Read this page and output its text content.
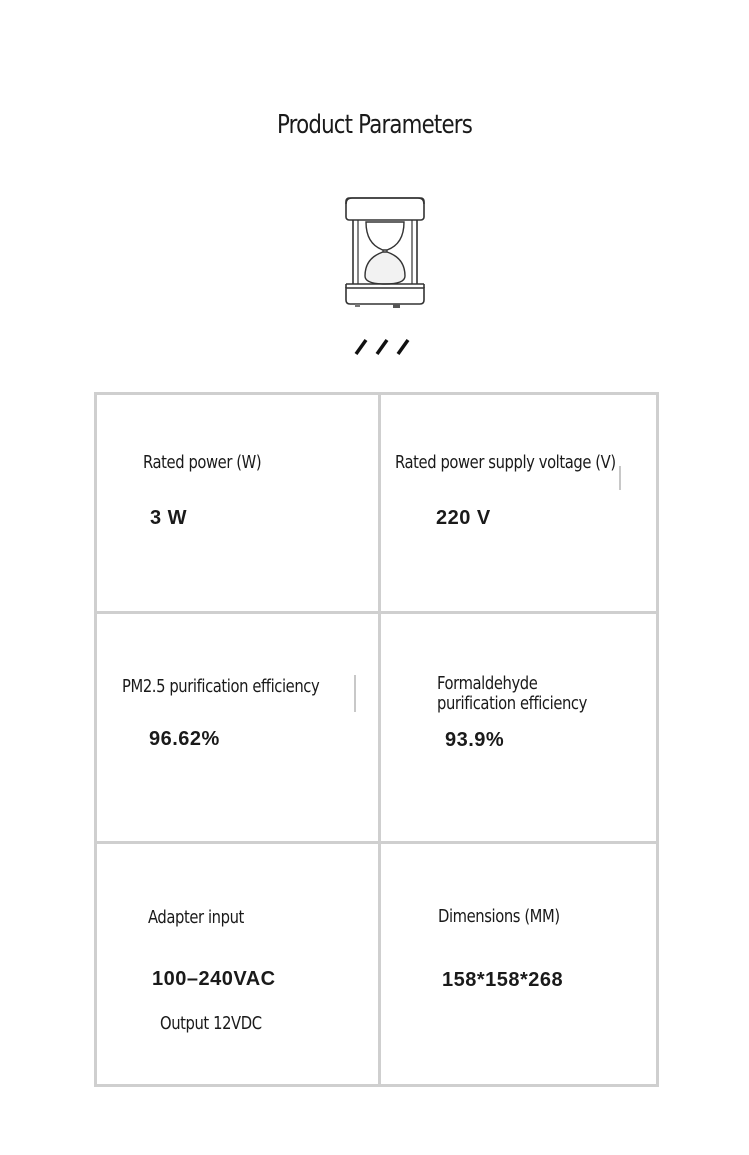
Product Parameters
Rated power (W)
3 W
Rated power supply voltage (V)
220 V
PM2.5 purification efficiency
96.62%
Formaldehyde
purification efficiency
93.9%
Adapter input
100–240VAC
Output 12VDC
Dimensions (MM)
158*158*268
